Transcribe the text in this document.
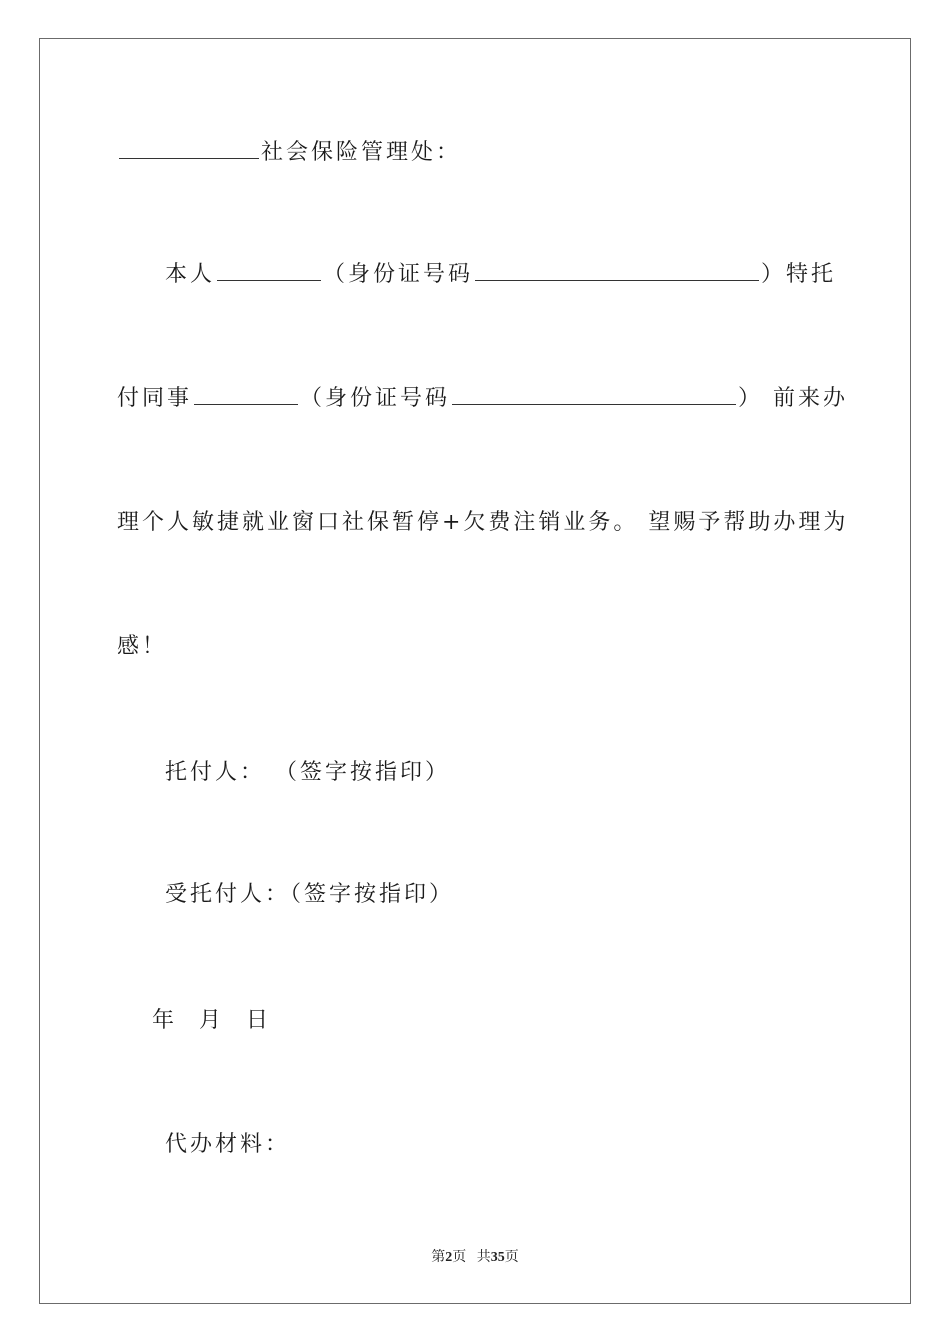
社会保险管理处：
本人	（身份证号码	）特托
付同事	（身份证号码	） 前来办
理个人敏捷就业窗口社保暂停+欠费注销业务。 望赐予帮助办理为
感！
托付人： （签字按指印）
受托付人：（签字按指印）
年 月 日
代办材料：
第2页 共35页
